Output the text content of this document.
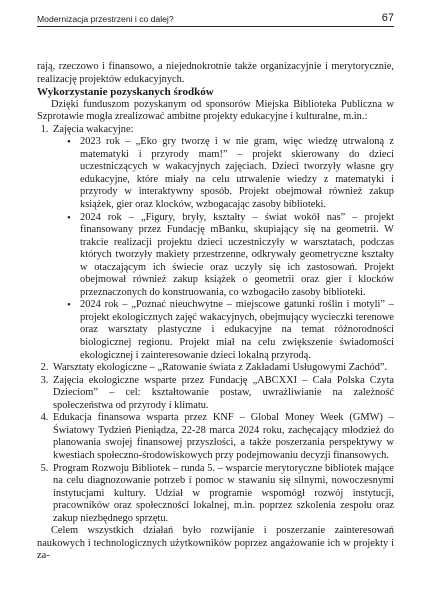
Modernizacja przestrzeni i co dalej?	67

rają, rzeczowo i finansowo, a niejednokrotnie także organizacyjnie i merytorycznie, realizację projektów edukacyjnych.

Wykorzystanie pozyskanych środków

Dzięki funduszom pozyskanym od sponsorów Miejska Biblioteka Publiczna w Szprotawie mogła zrealizować ambitne projekty edukacyjne i kulturalne, m.in.:

1. Zajęcia wakacyjne:
• 2023 rok – „Eko gry tworzę i w nie gram, więc wiedzę utrwaloną z matematyki i przyrody mam!” – projekt skierowany do dzieci uczestniczących w wakacyjnych zajęciach. Dzieci tworzyły własne gry edukacyjne, które miały na celu utrwalenie wiedzy z matematyki i przyrody w interaktywny sposób. Projekt obejmował również zakup książek, gier oraz klocków, wzbogacając zasoby biblioteki.
• 2024 rok – „Figury, bryły, kształty – świat wokół nas” – projekt finansowany przez Fundację mBanku, skupiający się na geometrii. W trakcie realizacji projektu dzieci uczestniczyły w warsztatach, podczas których tworzyły makiety przestrzenne, odkrywały geometryczne kształty w otaczającym ich świecie oraz uczyły się ich zastosowań. Projekt obejmował również zakup książek o geometrii oraz gier i klocków przeznaczonych do konstruowania, co wzbogaciło zasoby biblioteki.
• 2024 rok – „Poznać nieuchwytne – miejscowe gatunki roślin i motyli” – projekt ekologicznych zajęć wakacyjnych, obejmujący wycieczki terenowe oraz warsztaty plastyczne i edukacyjne na temat różnorodności biologicznej regionu. Projekt miał na celu zwiększenie świadomości ekologicznej i zainteresowanie dzieci lokalną przyrodą.
2. Warsztaty ekologiczne – „Ratowanie świata z Zakładami Usługowymi Zachód”.
3. Zajęcia ekologiczne wsparte przez Fundację „ABCXXI – Cała Polska Czyta Dzieciom” – cel: kształtowanie postaw, uwrażliwianie na zależność społeczeństwa od przyrody i klimatu.
4. Edukacja finansowa wsparta przez KNF – Global Money Week (GMW) – Światowy Tydzień Pieniądza, 22-28 marca 2024 roku, zachęcający młodzież do planowania swojej finansowej przyszłości, a także poszerzania perspektywy w kwestiach społeczno-środowiskowych przy podejmowaniu decyzji finansowych.
5. Program Rozwoju Bibliotek – runda 5. – wsparcie merytoryczne bibliotek mające na celu diagnozowanie potrzeb i pomoc w stawaniu się silnymi, nowoczesnymi instytucjami kultury. Udział w programie wspomógł rozwój instytucji, pracowników oraz społeczności lokalnej, m.in. poprzez szkolenia zespołu oraz zakup niezbędnego sprzętu.

Celem wszystkich działań było rozwijanie i poszerzanie zainteresowań naukowych i technologicznych użytkowników poprzez angażowanie ich w projekty i za-
